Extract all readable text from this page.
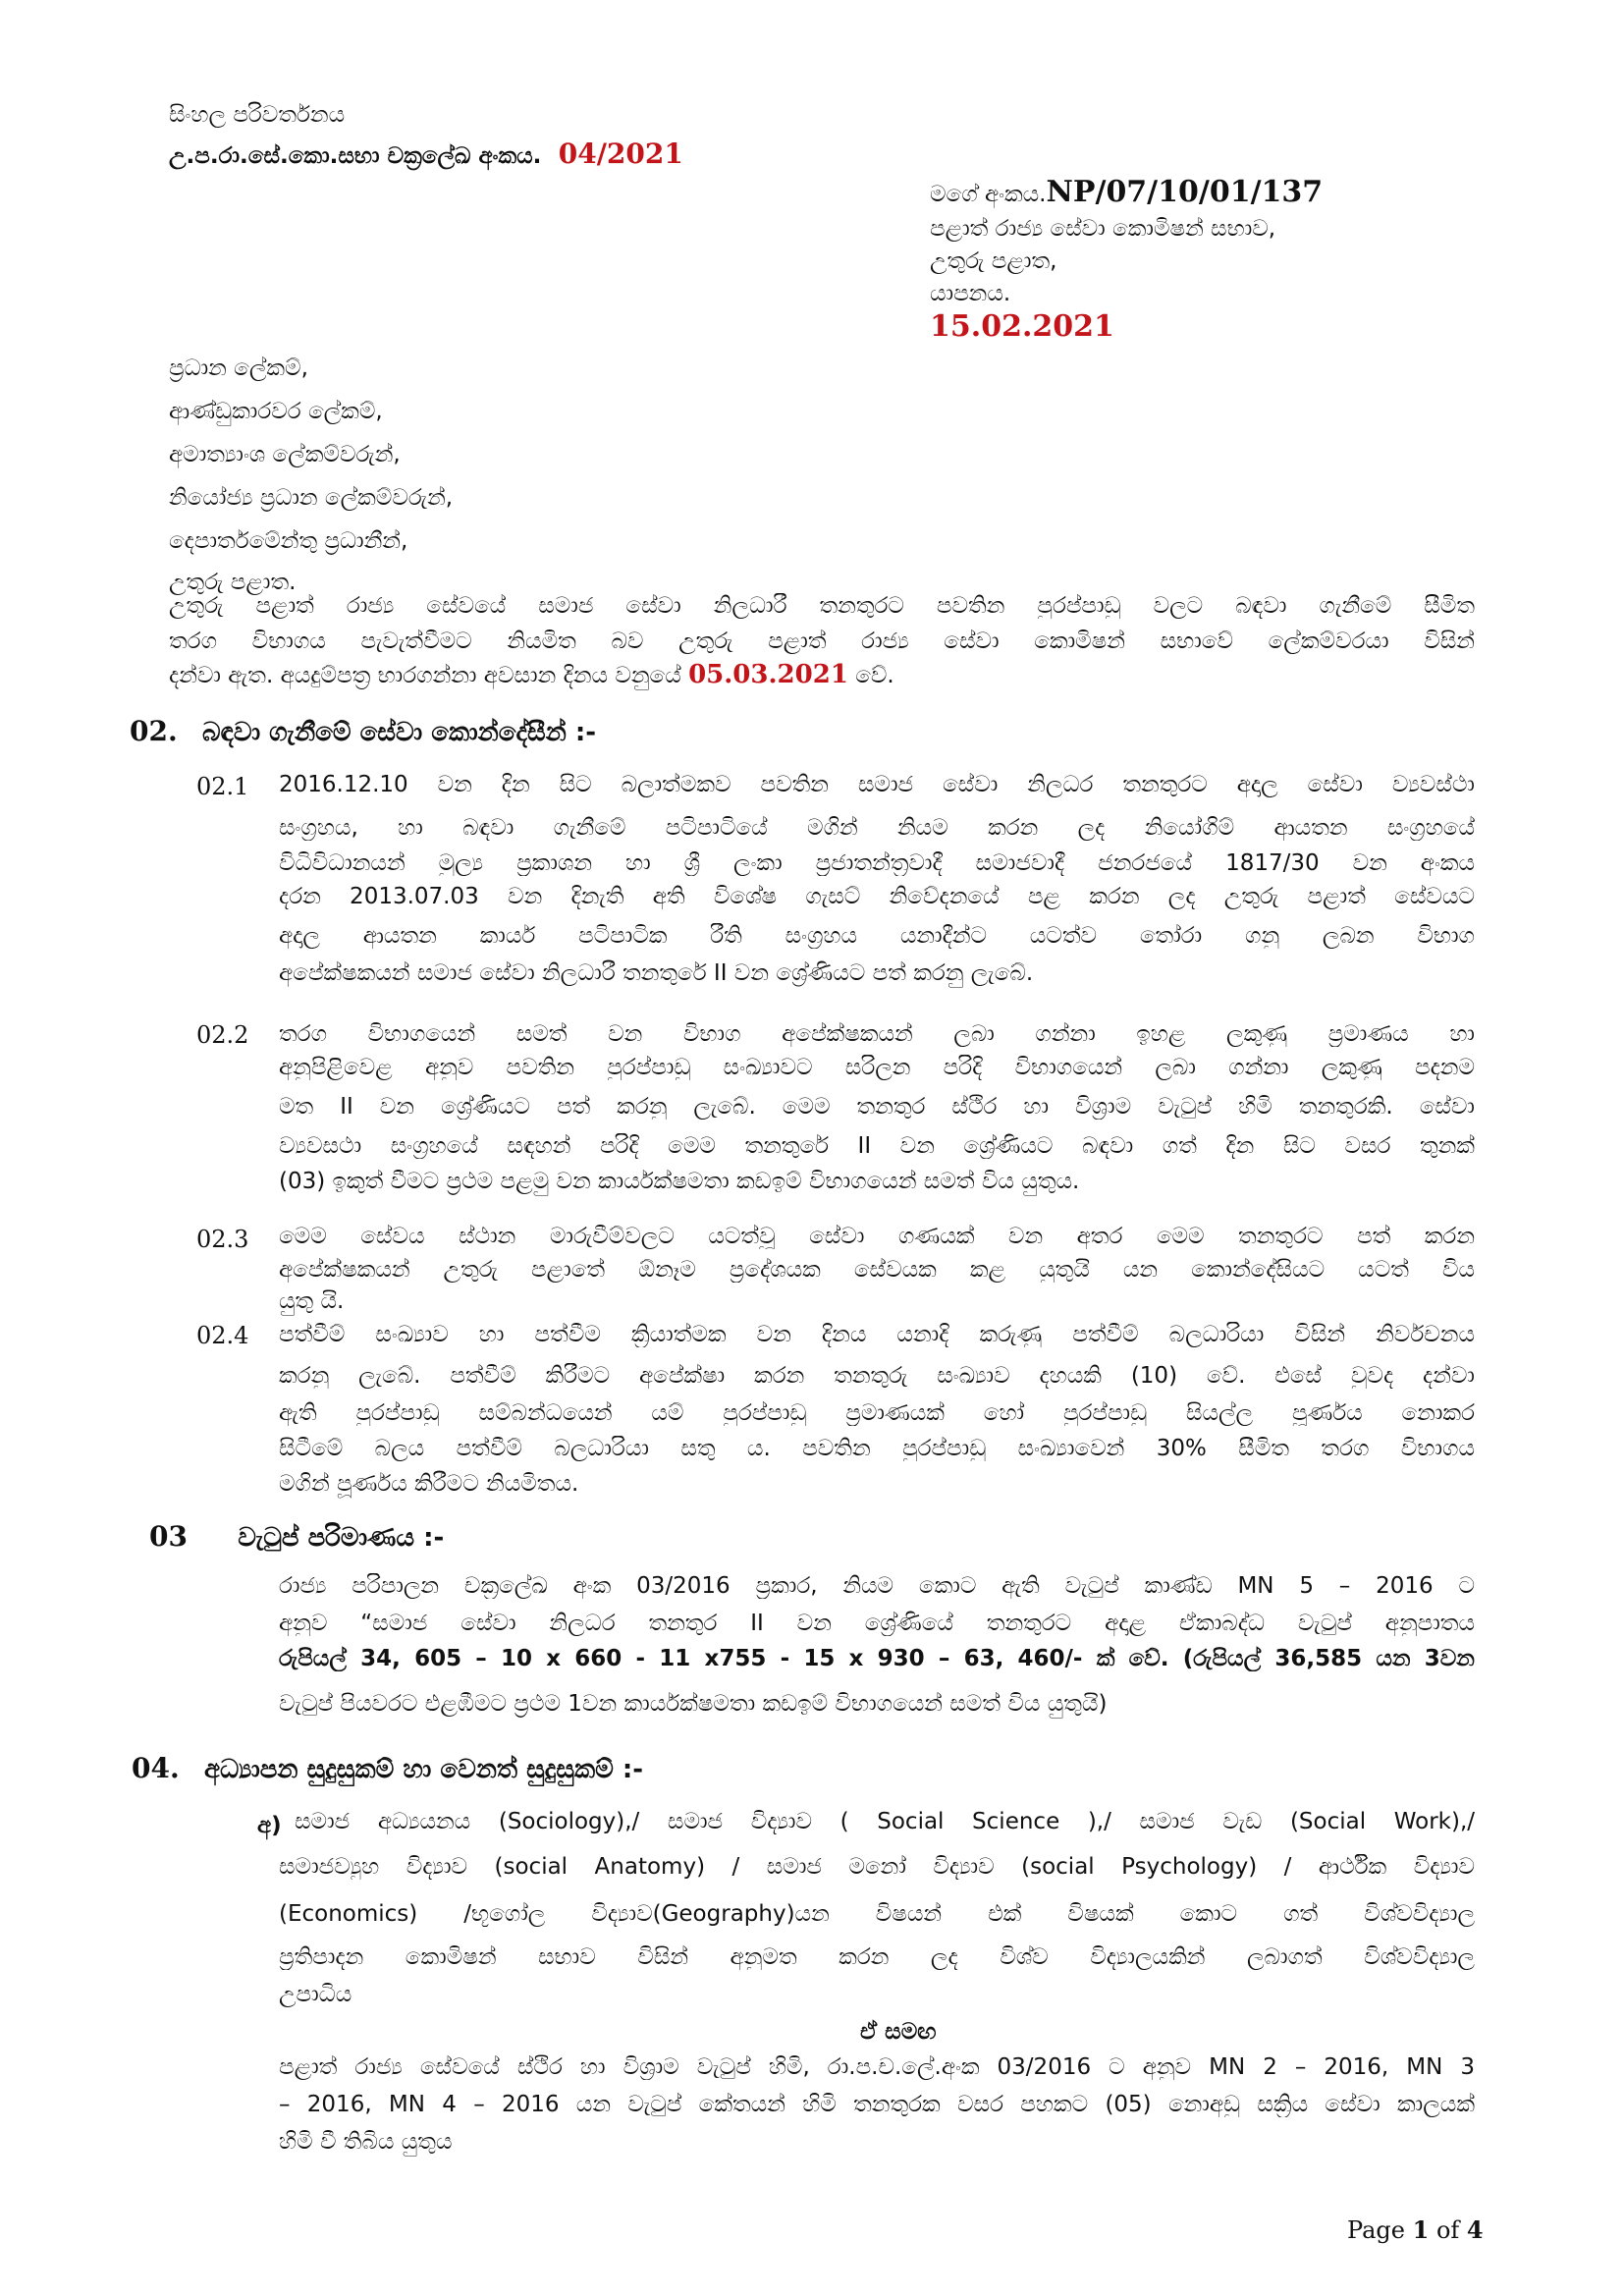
සිංහල පරිවර්තනය
උ.ප.රා.සේ.කො.සභා චක්‍රලේඛ අංකය. 04/2021
මගේ අංකය.NP/07/10/01/137
පළාත් රාජ්‍ය සේවා කොමිෂන් සභාව,
උතුරු පළාත,
යාපනය.
15.02.2021
ප්‍රධාන ලේකම්,
ආණ්ඩුකාරවර ලේකම්,
අමාත්‍යාංශ ලේකම්වරුන්,
නියෝජ්‍ය ප්‍රධාන ලේකම්වරුන්,
දෙපාර්තමේන්තු ප්‍රධානීන්,
උතුරු පළාත.
උතුරු පළාත් රාජ්‍ය සේවයේ සමාජ සේවා නිලධාරී තනතුරට පවතින පුරප්පාඩු වලට බඳවා ගැනීමේ සීමිත
තරග විභාගය පැවැත්වීමට නියමිත බව උතුරු පළාත් රාජ්‍ය සේවා කොමිෂන් සභාවේ ලේකම්වරයා විසින්
දන්වා ඇත. අයදුම්පත්‍ර භාරගන්නා අවසාන දිනය වනුයේ 05.03.2021 වේ.
02. බඳවා ගැනීමේ සේවා කොන්දේසීන් :-
02.1 2016.12.10 වන දින සිට බලාත්මකව පවතින සමාජ සේවා නිලධර තනතුරට අදාල සේවා ව්‍යවස්ථා
සංග්‍රහය, හා බඳවා ගැනීමේ පටිපාටියේ මගින් නියම කරන ලද නියෝගිම් ආයතන සංග්‍රහයේ
විධිවිධානයන් මුල්‍ය ප්‍රකාශන හා ශ්‍රී ලංකා ප්‍රජාතන්ත්‍රවාදී සමාජවාදී ජනරජයේ 1817/30 වන අංකය
දරන 2013.07.03 වන දිනැති අති විශේෂ ගැසට් නිවේදනයේ පළ කරන ලද උතුරු පළාත් සේවයට
අදාල ආයතන කාර්ය පටිපාටික රීති සංග්‍රහය යනාදීන්ට යටත්ව තෝරා ගනු ලබන විභාග
අපේක්ෂකයන් සමාජ සේවා නිලධාරී තනතුරේ II වන ශ්‍රේණියට පත් කරනු ලැබේ.
02.2 තරග විභාගයෙන් සමත් වන විභාග අපේක්ෂකයන් ලබා ගන්නා ඉහළ ලකුණු ප්‍රමාණය හා
අනුපිළිවෙළ අනුව පවතින පුරප්පාඩු සංඛ්‍යාවට සරිලන පරිදි විභාගයෙන් ලබා ගන්නා ලකුණු පදනම
මත II වන ශ්‍රේණියට පත් කරනු ලැබේ. මෙම තනතුර ස්ථිර හා විශ්‍රාම වැටුප් හිමි තනතුරකි. සේවා
ව්‍යවසථා සංග්‍රහයේ සඳහන් පරිදි මෙම තනතුරේ II වන ශ්‍රේණියට බඳවා ගත් දින සිට වසර තුනක්
(03) ඉකුත් වීමට ප්‍රථම පළමු වන කාර්යක්ෂමතා කඩඉම් විභාගයෙන් සමත් විය යුතුය.
02.3 මෙම සේවය ස්ථාන මාරුවීම්වලට යටත්වූ සේවා ගණයක් වන අතර මෙම තනතුරට පත් කරන
අපේක්ෂකයන් උතුරු පළාතේ ඕනෑම ප්‍රදේශයක සේවයක කළ යුතුයි යන කොන්දේසියට යටත් විය
යුතු යි.
02.4 පත්වීම් සංඛ්‍යාව හා පත්වීම ක්‍රියාත්මක වන දිනය යනාදි කරුණු පත්වීම් බලධාරියා විසින් නිර්වචනය
කරනු ලැබේ. පත්වීම් කිරීමට අපේක්ෂා කරන තනතුරු සංඛ්‍යාව දහයකි (10) වේ. එසේ වුවද දන්වා
ඇති පුරප්පාඩු සම්බන්ධයෙන් යම් පුරප්පාඩු ප්‍රමාණයක් හෝ පුරප්පාඩු සියල්ල පූර්ණය නොකර
සිටීමේ බලය පත්වීම් බලධාරියා සතු ය. පවතින පුරප්පාඩු සංඛ්‍යාවෙන් 30% සීමිත තරග විභාගය
මගින් පූර්ණය කිරීමට නියමිතය.
03 වැටුප් පරිමාණය :-
රාජ්‍ය පරිපාලන චක්‍රලේඛ අංක 03/2016 ප්‍රකාර, නියම කොට ඇති වැටුප් කාණ්ඩ MN 5 – 2016 ට
අනුව “සමාජ සේවා නිලධර තනතුර II වන ශ්‍රේණියේ තනතුරට අදාළ ඒකාබද්ධ වැටුප් අනුපාතය
රුපියල් 34, 605 – 10 x 660 - 11 x755 - 15 x 930 – 63, 460/- ක් වේ. (රුපියල් 36,585 යන 3වන
වැටුප් පියවරට එළඹීමට ප්‍රථම 1වන කාර්යක්ෂමතා කඩඉම් විභාගයෙන් සමත් විය යුතුයි)
04. අධ්‍යාපන සුදුසුකම් හා වෙනත් සුදුසුකම් :-
අ) සමාජ අධ්‍යයනය (Sociology),/ සමාජ විද්‍යාව ( Social Science ),/ සමාජ වැඩ (Social Work),/
සමාජව්‍යුහ විද්‍යාව (social Anatomy) / සමාජ මනෝ විද්‍යාව (social Psychology) / ආර්ථික විද්‍යාව
(Economics) /භූගෝල විද්‍යාව(Geography)යන විෂයන් එක් විෂයක් කොට ගත් විශ්වවිද්‍යාල
ප්‍රතිපාදන කොමිෂන් සභාව විසින් අනුමත කරන ලද විශ්ව විද්‍යාලයකින් ලබාගත් විශ්වවිද්‍යාල
උපාධිය
ඒ සමඟ
පළාත් රාජ්‍ය සේවයේ ස්ථිර හා විශ්‍රාම වැටුප් හිමි, රා.ප.ච.ලේ.අංක 03/2016 ට අනුව MN 2 – 2016, MN 3
– 2016, MN 4 – 2016 යන වැටුප් කේතයන් හිමි තනතුරක වසර පහකට (05) නොඅඩු සක්‍රිය සේවා කාලයක්
හිමි වී තිබිය යුතුය
Page 1 of 4
